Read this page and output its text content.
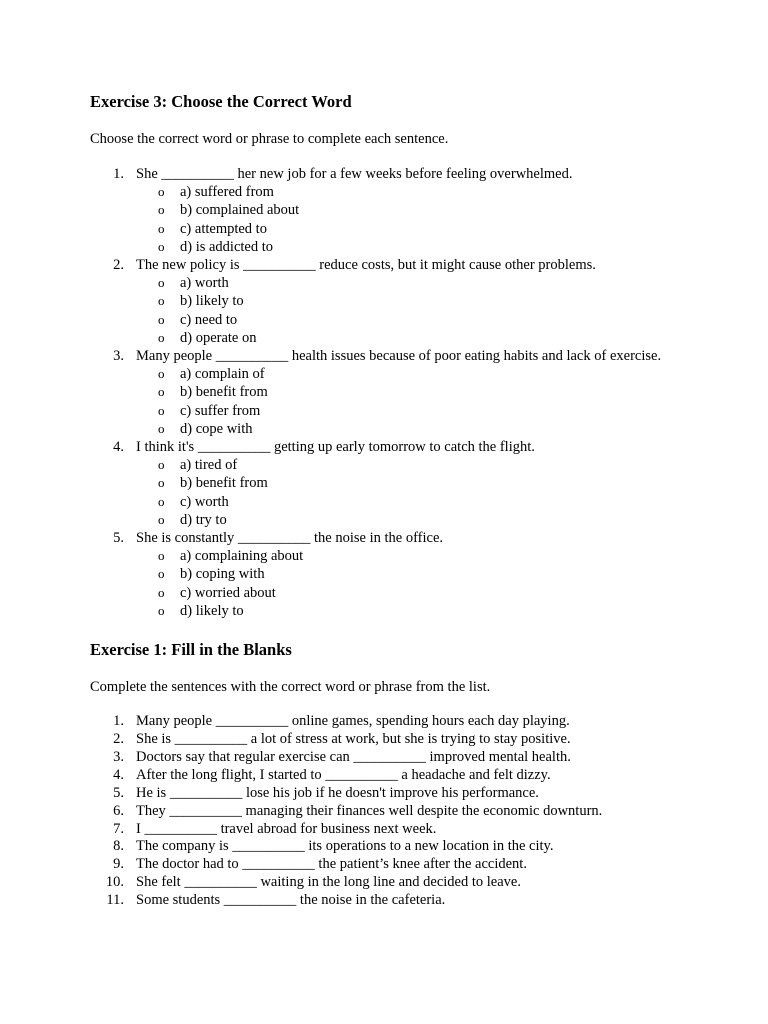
Exercise 3: Choose the Correct Word

Choose the correct word or phrase to complete each sentence.

1. She __________ her new job for a few weeks before feeling overwhelmed.
o a) suffered from
o b) complained about
o c) attempted to
o d) is addicted to
2. The new policy is __________ reduce costs, but it might cause other problems.
o a) worth
o b) likely to
o c) need to
o d) operate on
3. Many people __________ health issues because of poor eating habits and lack of exercise.
o a) complain of
o b) benefit from
o c) suffer from
o d) cope with
4. I think it's __________ getting up early tomorrow to catch the flight.
o a) tired of
o b) benefit from
o c) worth
o d) try to
5. She is constantly __________ the noise in the office.
o a) complaining about
o b) coping with
o c) worried about
o d) likely to
Exercise 1: Fill in the Blanks

Complete the sentences with the correct word or phrase from the list.

1. Many people __________ online games, spending hours each day playing.
2. She is __________ a lot of stress at work, but she is trying to stay positive.
3. Doctors say that regular exercise can __________ improved mental health.
4. After the long flight, I started to __________ a headache and felt dizzy.
5. He is __________ lose his job if he doesn't improve his performance.
6. They __________ managing their finances well despite the economic downturn.
7. I __________ travel abroad for business next week.
8. The company is __________ its operations to a new location in the city.
9. The doctor had to __________ the patient’s knee after the accident.
10. She felt __________ waiting in the long line and decided to leave.
11. Some students __________ the noise in the cafeteria.
